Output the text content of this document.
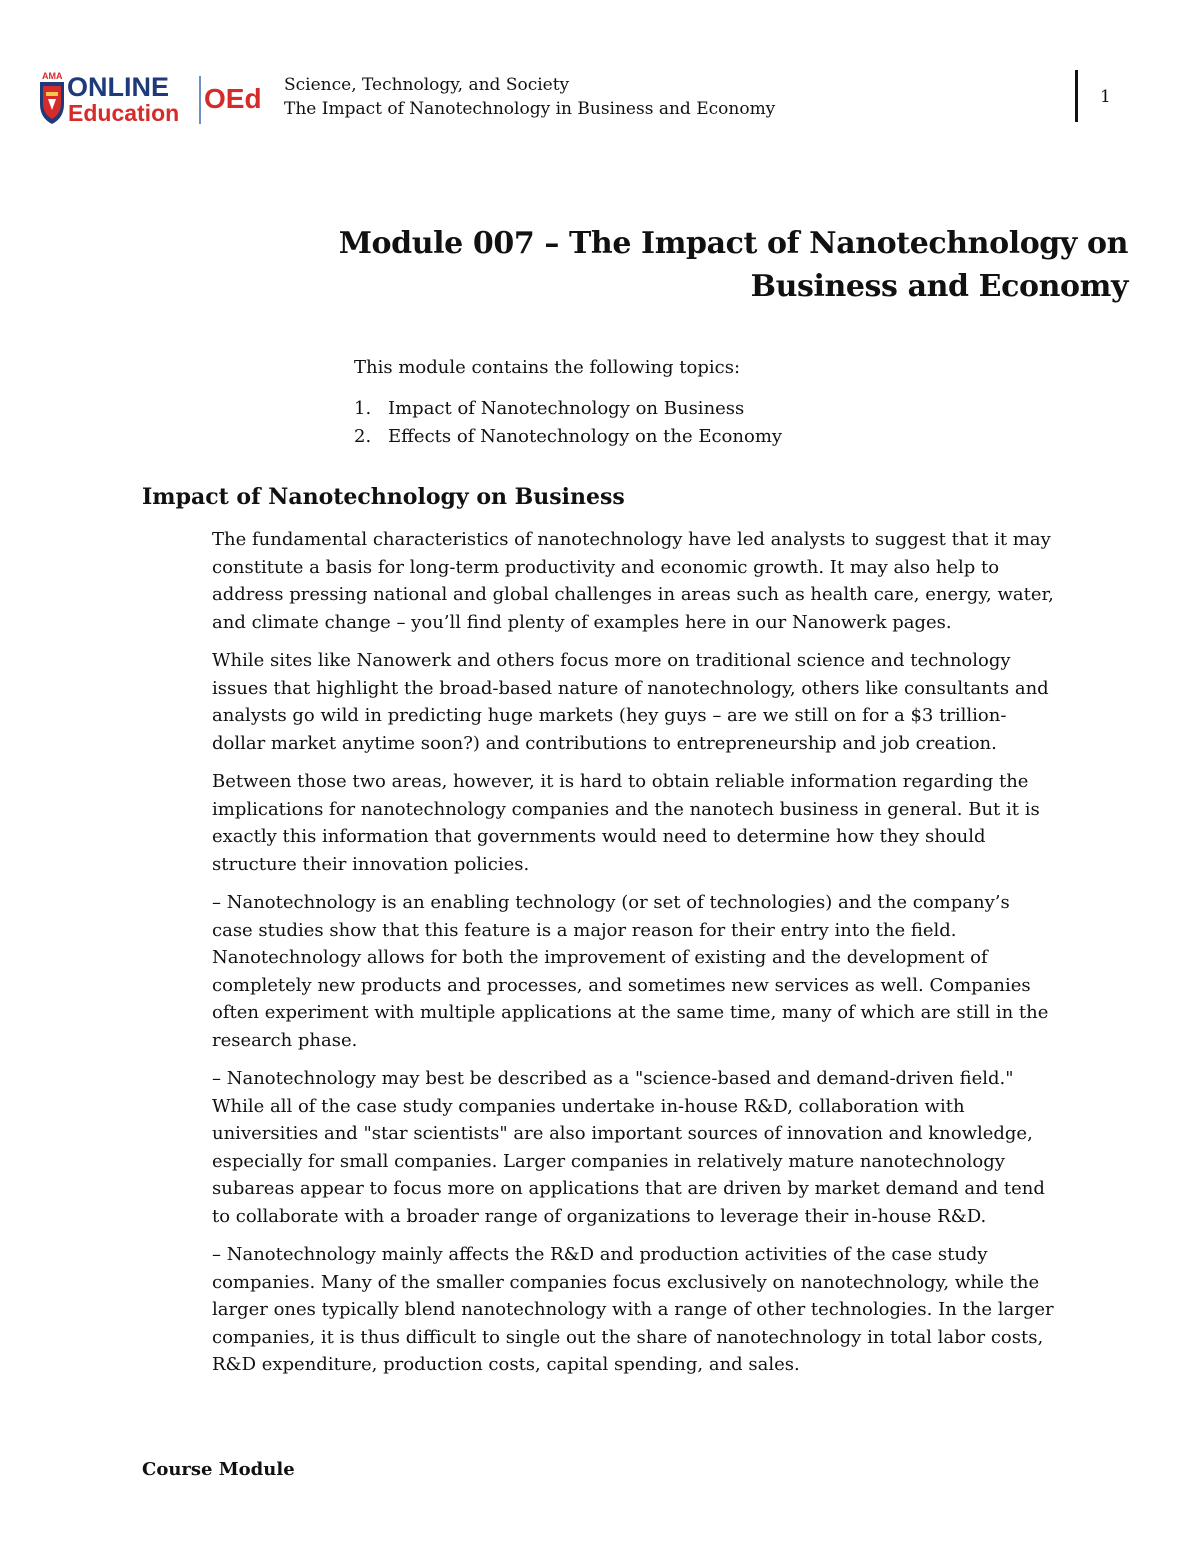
AMA ONLINE
Education OEd Science, Technology, and Society
The Impact of Nanotechnology in Business and Economy
1
Module 007 – The Impact of Nanotechnology on
Business and Economy
This module contains the following topics:
1. Impact of Nanotechnology on Business
2. Effects of Nanotechnology on the Economy
Impact of Nanotechnology on Business

The fundamental characteristics of nanotechnology have led analysts to suggest that it may
constitute a basis for long-term productivity and economic growth. It may also help to
address pressing national and global challenges in areas such as health care, energy, water,
and climate change – you’ll find plenty of examples here in our Nanowerk pages.

While sites like Nanowerk and others focus more on traditional science and technology
issues that highlight the broad-based nature of nanotechnology, others like consultants and
analysts go wild in predicting huge markets (hey guys – are we still on for a $3 trillion-
dollar market anytime soon?) and contributions to entrepreneurship and job creation.

Between those two areas, however, it is hard to obtain reliable information regarding the
implications for nanotechnology companies and the nanotech business in general. But it is
exactly this information that governments would need to determine how they should
structure their innovation policies.

– Nanotechnology is an enabling technology (or set of technologies) and the company’s
case studies show that this feature is a major reason for their entry into the field.
Nanotechnology allows for both the improvement of existing and the development of
completely new products and processes, and sometimes new services as well. Companies
often experiment with multiple applications at the same time, many of which are still in the
research phase.

– Nanotechnology may best be described as a "science-based and demand-driven field."
While all of the case study companies undertake in-house R&D, collaboration with
universities and "star scientists" are also important sources of innovation and knowledge,
especially for small companies. Larger companies in relatively mature nanotechnology
subareas appear to focus more on applications that are driven by market demand and tend
to collaborate with a broader range of organizations to leverage their in-house R&D.

– Nanotechnology mainly affects the R&D and production activities of the case study
companies. Many of the smaller companies focus exclusively on nanotechnology, while the
larger ones typically blend nanotechnology with a range of other technologies. In the larger
companies, it is thus difficult to single out the share of nanotechnology in total labor costs,
R&D expenditure, production costs, capital spending, and sales.

Course Module
